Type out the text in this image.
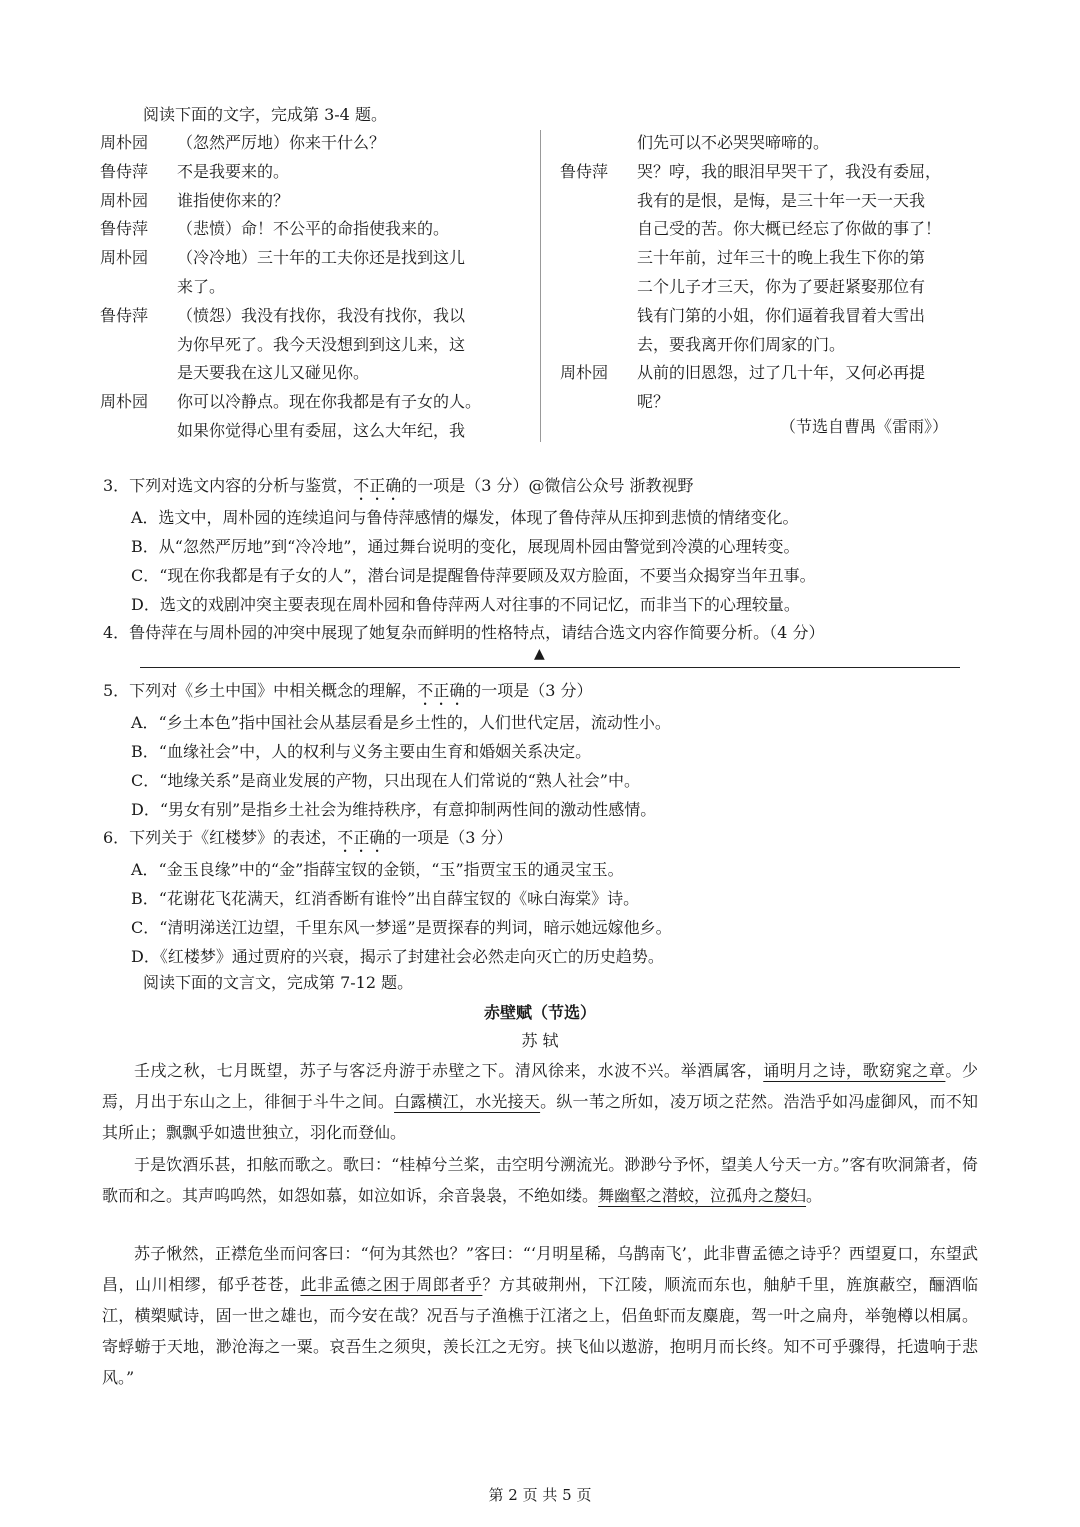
阅读下面的文字，完成第 3-4 题。
周朴园 （忽然严厉地）你来干什么？
鲁侍萍 不是我要来的。
周朴园 谁指使你来的？
鲁侍萍 （悲愤）命！不公平的命指使我来的。
周朴园 （冷冷地）三十年的工夫你还是找到这儿
来了。
鲁侍萍 （愤怨）我没有找你，我没有找你，我以
为你早死了。我今天没想到到这儿来，这
是天要我在这儿又碰见你。
周朴园 你可以冷静点。现在你我都是有子女的人。
如果你觉得心里有委屈，这么大年纪，我
们先可以不必哭哭啼啼的。
鲁侍萍 哭？哼，我的眼泪早哭干了，我没有委屈，
我有的是恨，是悔，是三十年一天一天我
自己受的苦。你大概已经忘了你做的事了！
三十年前，过年三十的晚上我生下你的第
二个儿子才三天，你为了要赶紧娶那位有
钱有门第的小姐，你们逼着我冒着大雪出
去，要我离开你们周家的门。
周朴园 从前的旧恩怨，过了几十年，又何必再提
呢？
（节选自曹禺《雷雨》）
3．下列对选文内容的分析与鉴赏，不正确的一项是（3 分）@微信公众号 浙教视野
A．选文中，周朴园的连续追问与鲁侍萍感情的爆发，体现了鲁侍萍从压抑到悲愤的情绪变化。
B．从“忽然严厉地”到“冷冷地”，通过舞台说明的变化，展现周朴园由警觉到冷漠的心理转变。
C．“现在你我都是有子女的人”，潜台词是提醒鲁侍萍要顾及双方脸面，不要当众揭穿当年丑事。
D．选文的戏剧冲突主要表现在周朴园和鲁侍萍两人对往事的不同记忆，而非当下的心理较量。
4．鲁侍萍在与周朴园的冲突中展现了她复杂而鲜明的性格特点，请结合选文内容作简要分析。（4 分）
▲
5．下列对《乡土中国》中相关概念的理解，不正确的一项是（3 分）
A．“乡土本色”指中国社会从基层看是乡土性的，人们世代定居，流动性小。
B．“血缘社会”中，人的权利与义务主要由生育和婚姻关系决定。
C．“地缘关系”是商业发展的产物，只出现在人们常说的“熟人社会”中。
D．“男女有别”是指乡土社会为维持秩序，有意抑制两性间的激动性感情。
6．下列关于《红楼梦》的表述，不正确的一项是（3 分）
A．“金玉良缘”中的“金”指薛宝钗的金锁，“玉”指贾宝玉的通灵宝玉。
B．“花谢花飞花满天，红消香断有谁怜”出自薛宝钗的《咏白海棠》诗。
C．“清明涕送江边望，千里东风一梦遥”是贾探春的判词，暗示她远嫁他乡。
D．《红楼梦》通过贾府的兴衰，揭示了封建社会必然走向灭亡的历史趋势。
阅读下面的文言文，完成第 7-12 题。
赤壁赋（节选）
苏 轼
壬戌之秋，七月既望，苏子与客泛舟游于赤壁之下。清风徐来，水波不兴。举酒属客，诵明月之诗，歌窈窕之章。少焉，月出于东山之上，徘徊于斗牛之间。白露横江，水光接天。纵一苇之所如，凌万顷之茫然。浩浩乎如冯虚御风，而不知其所止；飘飘乎如遗世独立，羽化而登仙。
于是饮酒乐甚，扣舷而歌之。歌曰：“桂棹兮兰桨，击空明兮溯流光。渺渺兮予怀，望美人兮天一方。”客有吹洞箫者，倚歌而和之。其声呜呜然，如怨如慕，如泣如诉，余音袅袅，不绝如缕。舞幽壑之潜蛟，泣孤舟之嫠妇。
苏子愀然，正襟危坐而问客曰：“何为其然也？”客曰：“‘月明星稀，乌鹊南飞’，此非曹孟德之诗乎？西望夏口，东望武昌，山川相缪，郁乎苍苍，此非孟德之困于周郎者乎？方其破荆州，下江陵，顺流而东也，舳舻千里，旌旗蔽空，酾酒临江，横槊赋诗，固一世之雄也，而今安在哉？况吾与子渔樵于江渚之上，侣鱼虾而友麋鹿，驾一叶之扁舟，举匏樽以相属。寄蜉蝣于天地，渺沧海之一粟。哀吾生之须臾，羡长江之无穷。挟飞仙以遨游，抱明月而长终。知不可乎骤得，托遗响于悲风。”
第 2 页 共 5 页
